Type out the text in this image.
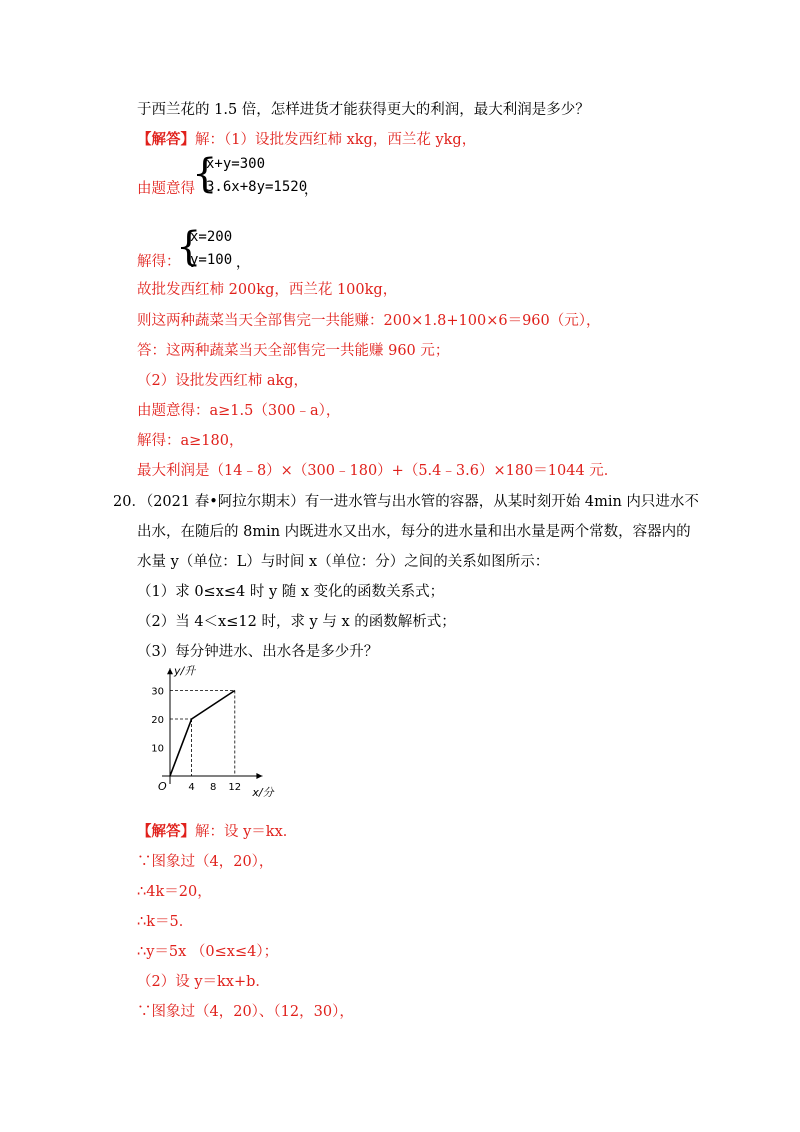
于西兰花的 1.5 倍，怎样进货才能获得更大的利润，最大利润是多少？
【解答】解：（1）设批发西红柿 xkg，西兰花 ykg，
由题意得
{
x+y=300
3.6x+8y=1520
，
解得：
{
x=200
y=100 ，
故批发西红柿 200kg，西兰花 100kg，
则这两种蔬菜当天全部售完一共能赚：200×1.8+100×6＝960（元），
答：这两种蔬菜当天全部售完一共能赚 960 元；
（2）设批发西红柿 akg，
由题意得：a≥1.5（300﹣a），
解得：a≥180，
最大利润是（14﹣8）×（300﹣180）+（5.4﹣3.6）×180＝1044 元．
20．（2021 春•阿拉尔期末）有一进水管与出水管的容器，从某时刻开始 4min 内只进水不
出水，在随后的 8min 内既进水又出水，每分的进水量和出水量是两个常数，容器内的
水量 y（单位：L）与时间 x（单位：分）之间的关系如图所示：
（1）求 0≤x≤4 时 y 随 x 变化的函数关系式；
（2）当 4＜x≤12 时，求 y 与 x 的函数解析式；
（3）每分钟进水、出水各是多少升？
y/升
x/分
O 4 8 12
10
20
30
【解答】解：设 y＝kx．
∵图象过（4，20），
∴4k＝20，
∴k＝5．
∴y＝5x （0≤x≤4）；
（2）设 y＝kx+b．
∵图象过（4，20）、（12，30），
